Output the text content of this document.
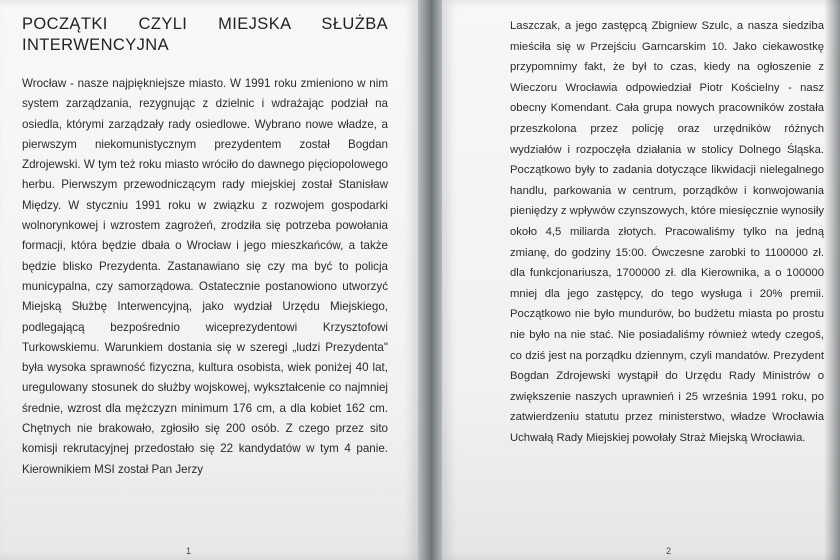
POCZĄTKI CZYLI MIEJSKA SŁUŻBA INTERWENCYJNA

Wrocław - nasze najpiękniejsze miasto. W 1991 roku zmieniono w nim system zarządzania, rezygnując z dzielnic i wdrażając podział na osiedla, którymi zarządzały rady osiedlowe. Wybrano nowe władze, a pierwszym niekomunistycznym prezydentem został Bogdan Zdrojewski. W tym też roku miasto wróciło do dawnego pięciopolowego herbu. Pierwszym przewodniczącym rady miejskiej został Stanisław Między. W styczniu 1991 roku w związku z rozwojem gospodarki wolnorynkowej i wzrostem zagrożeń, zrodziła się potrzeba powołania formacji, która będzie dbała o Wrocław i jego mieszkańców, a także będzie blisko Prezydenta. Zastanawiano się czy ma być to policja municypalna, czy samorządowa. Ostatecznie postanowiono utworzyć Miejską Służbę Interwencyjną, jako wydział Urzędu Miejskiego, podlegającą bezpośrednio wiceprezydentowi Krzysztofowi Turkowskiemu. Warunkiem dostania się w szeregi „ludzi Prezydenta" była wysoka sprawność fizyczna, kultura osobista, wiek poniżej 40 lat, uregulowany stosunek do służby wojskowej, wykształcenie co najmniej średnie, wzrost dla mężczyzn minimum 176 cm, a dla kobiet 162 cm. Chętnych nie brakowało, zgłosiło się 200 osób. Z czego przez sito komisji rekrutacyjnej przedostało się 22 kandydatów w tym 4 panie. Kierownikiem MSI został Pan Jerzy

1

Laszczak, a jego zastępcą Zbigniew Szulc, a nasza siedziba mieściła się w Przejściu Garncarskim 10. Jako ciekawostkę przypomnimy fakt, że był to czas, kiedy na ogłoszenie z Wieczoru Wrocławia odpowiedział Piotr Kościelny - nasz obecny Komendant. Cała grupa nowych pracowników została przeszkolona przez policję oraz urzędników różnych wydziałów i rozpoczęła działania w stolicy Dolnego Śląska. Początkowo były to zadania dotyczące likwidacji nielegalnego handlu, parkowania w centrum, porządków i konwojowania pieniędzy z wpływów czynszowych, które miesięcznie wynosiły około 4,5 miliarda złotych. Pracowaliśmy tylko na jedną zmianę, do godziny 15:00. Ówczesne zarobki to 1100000 zł. dla funkcjonariusza, 1700000 zł. dla Kierownika, a o 100000 mniej dla jego zastępcy, do tego wysługa i 20% premii. Początkowo nie było mundurów, bo budżetu miasta po prostu nie było na nie stać. Nie posiadaliśmy również wtedy czegoś, co dziś jest na porządku dziennym, czyli mandatów. Prezydent Bogdan Zdrojewski wystąpił do Urzędu Rady Ministrów o zwiększenie naszych uprawnień i 25 września 1991 roku, po zatwierdzeniu statutu przez ministerstwo, władze Wrocławia Uchwałą Rady Miejskiej powołały Straż Miejską Wrocławia.

2
